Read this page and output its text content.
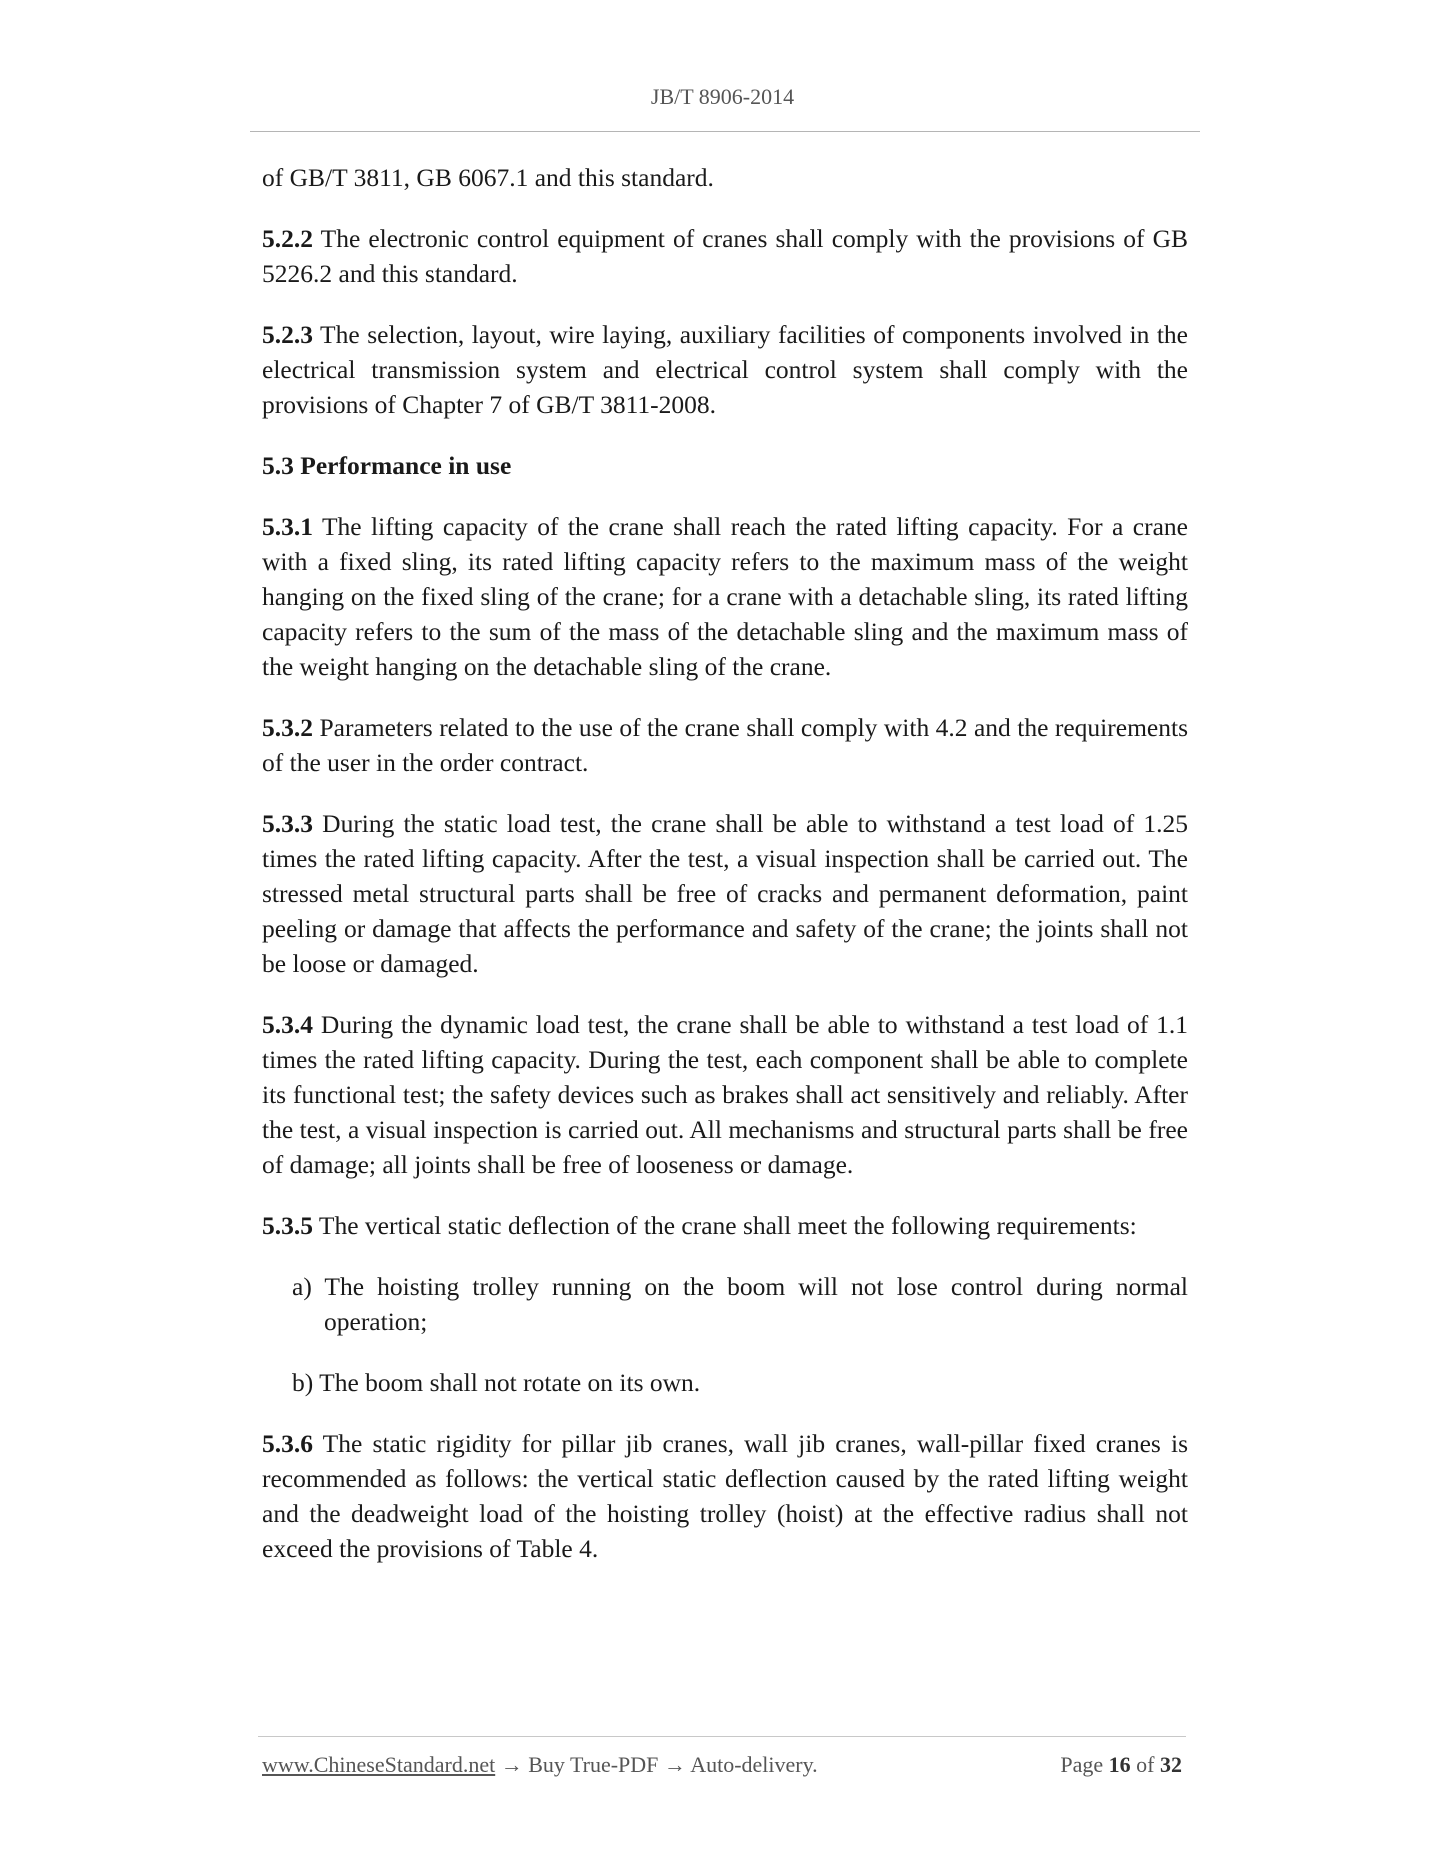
JB/T 8906-2014

of GB/T 3811, GB 6067.1 and this standard.

5.2.2 The electronic control equipment of cranes shall comply with the provisions of GB 5226.2 and this standard.

5.2.3 The selection, layout, wire laying, auxiliary facilities of components involved in the electrical transmission system and electrical control system shall comply with the provisions of Chapter 7 of GB/T 3811-2008.

5.3 Performance in use

5.3.1 The lifting capacity of the crane shall reach the rated lifting capacity. For a crane with a fixed sling, its rated lifting capacity refers to the maximum mass of the weight hanging on the fixed sling of the crane; for a crane with a detachable sling, its rated lifting capacity refers to the sum of the mass of the detachable sling and the maximum mass of the weight hanging on the detachable sling of the crane.

5.3.2 Parameters related to the use of the crane shall comply with 4.2 and the requirements of the user in the order contract.

5.3.3 During the static load test, the crane shall be able to withstand a test load of 1.25 times the rated lifting capacity. After the test, a visual inspection shall be carried out. The stressed metal structural parts shall be free of cracks and permanent deformation, paint peeling or damage that affects the performance and safety of the crane; the joints shall not be loose or damaged.

5.3.4 During the dynamic load test, the crane shall be able to withstand a test load of 1.1 times the rated lifting capacity. During the test, each component shall be able to complete its functional test; the safety devices such as brakes shall act sensitively and reliably. After the test, a visual inspection is carried out. All mechanisms and structural parts shall be free of damage; all joints shall be free of looseness or damage.

5.3.5 The vertical static deflection of the crane shall meet the following requirements:

a) The hoisting trolley running on the boom will not lose control during normal operation;

b) The boom shall not rotate on its own.

5.3.6 The static rigidity for pillar jib cranes, wall jib cranes, wall-pillar fixed cranes is recommended as follows: the vertical static deflection caused by the rated lifting weight and the deadweight load of the hoisting trolley (hoist) at the effective radius shall not exceed the provisions of Table 4.

www.ChineseStandard.net → Buy True-PDF → Auto-delivery.	Page 16 of 32
